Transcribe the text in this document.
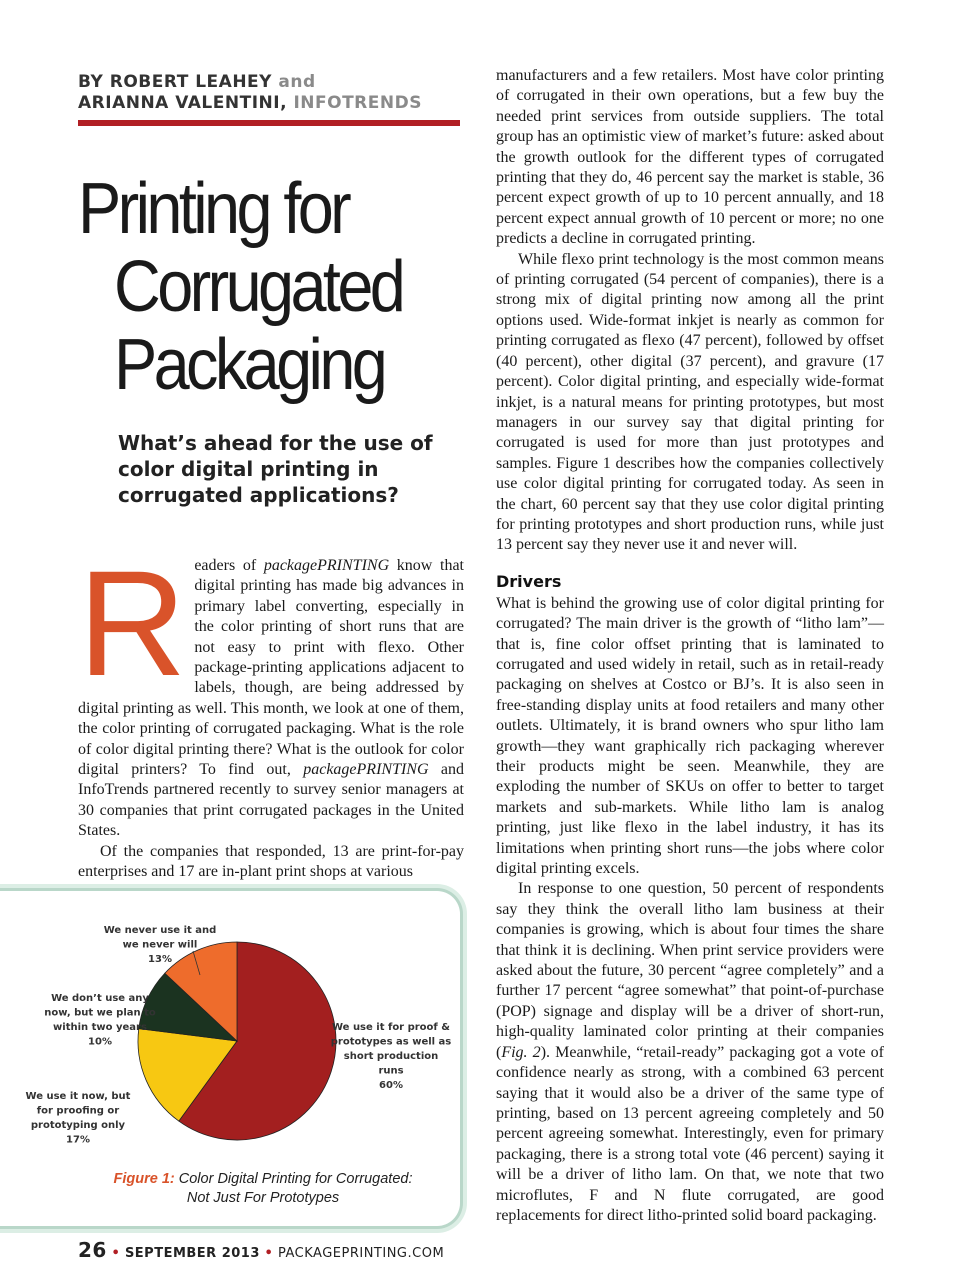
BY ROBERT LEAHEY and
ARIANNA VALENTINI, INFOTRENDS
Printing for
Corrugated
Packaging
What’s ahead for the use of color digital printing in corrugated applications?
R eaders of packagePRINTING know that digital printing has made big advances in primary label converting, especially in the color printing of short runs that are not easy to print with flexo. Other package-printing applications adjacent to labels, though, are being addressed by digital printing as well. This month, we look at one of them, the color printing of corrugated packaging. What is the role of color digital printing there? What is the outlook for color digital printers? To find out, packagePRINTING and InfoTrends partnered recently to survey senior managers at 30 companies that print corrugated packages in the United States.

Of the companies that responded, 13 are print-for-pay enterprises and 17 are in-plant print shops at various

manufacturers and a few retailers. Most have color printing of corrugated in their own operations, but a few buy the needed print services from outside suppliers. The total group has an optimistic view of market’s future: asked about the growth outlook for the different types of corrugated printing that they do, 46 percent say the market is stable, 36 percent expect growth of up to 10 percent annually, and 18 percent expect annual growth of 10 percent or more; no one predicts a decline in corrugated printing.

While flexo print technology is the most common means of printing corrugated (54 percent of companies), there is a strong mix of digital printing now among all the print options used. Wide-format inkjet is nearly as common for printing corrugated as flexo (47 percent), followed by offset (40 percent), other digital (37 percent), and gravure (17 percent). Color digital printing, and especially wide-format inkjet, is a natural means for printing prototypes, but most managers in our survey say that digital printing for corrugated is used for more than just prototypes and samples. Figure 1 describes how the companies collectively use color digital printing for corrugated today. As seen in the chart, 60 percent say that they use color digital printing for printing prototypes and short production runs, while just 13 percent say they never use it and never will.

Drivers

What is behind the growing use of color digital printing for corrugated? The main driver is the growth of “litho lam”—that is, fine color offset printing that is laminated to corrugated and used widely in retail, such as in retail-ready packaging on shelves at Costco or BJ’s. It is also seen in free-standing display units at food retailers and many other outlets. Ultimately, it is brand owners who spur litho lam growth—they want graphically rich packaging wherever their products might be seen. Meanwhile, they are exploding the number of SKUs on offer to better to target markets and sub-markets. While litho lam is analog printing, just like flexo in the label industry, it has its limitations when printing short runs—the jobs where color digital printing excels.

In response to one question, 50 percent of respondents say they think the overall litho lam business at their companies is growing, which is about four times the share that think it is declining. When print service providers were asked about the future, 30 percent “agree completely” and a further 17 percent “agree somewhat” that point-of-purchase (POP) signage and display will be a driver of short-run, high-quality laminated color printing at their companies (Fig. 2). Meanwhile, “retail-ready” packaging got a vote of confidence nearly as strong, with a combined 63 percent saying that it would also be a driver of the same type of printing, based on 13 percent agreeing completely and 50 percent agreeing somewhat. Interestingly, even for primary packaging, there is a strong total vote (46 percent) saying it will be a driver of litho lam. On that, we note that two microflutes, F and N flute corrugated, are good replacements for direct litho-printed solid board packaging.

We use it for proof & prototypes as well as short production runs 60%
We use it now, but for proofing or prototyping only 17%
We don’t use any now, but we plan to within two years 10%
We never use it and we never will 13%
Figure 1: Color Digital Printing for Corrugated:
Not Just For Prototypes
26 • SEPTEMBER 2013 • PACKAGEPRINTING.COM
